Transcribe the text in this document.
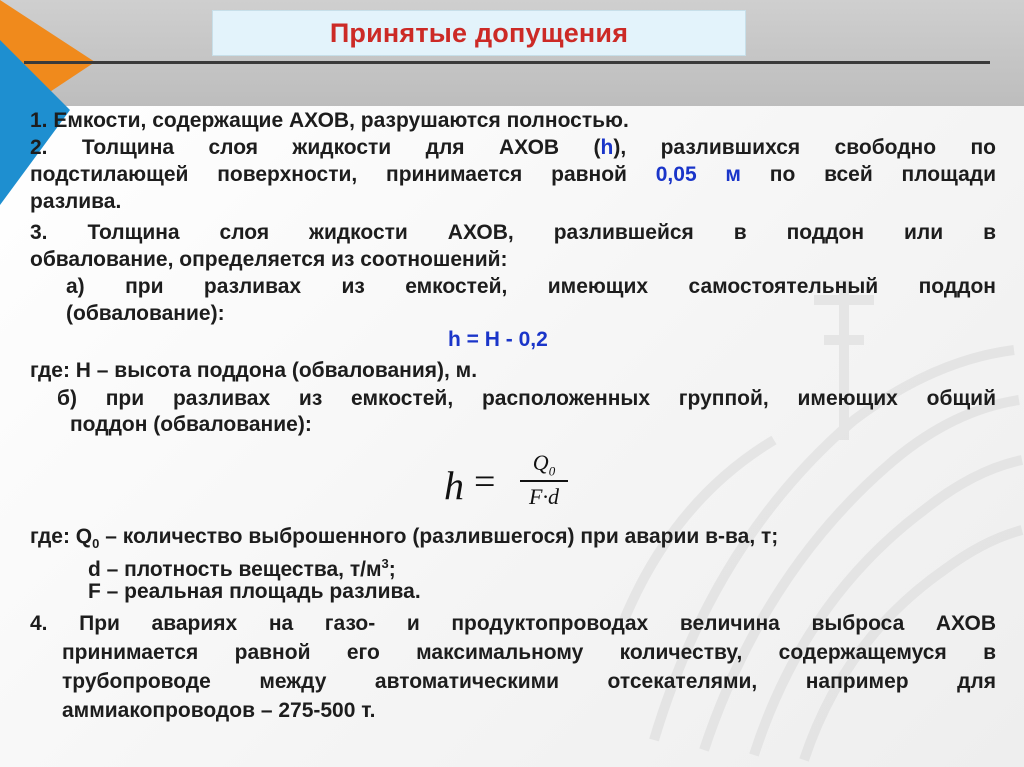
Принятые допущения
1. Емкости, содержащие АХОВ, разрушаются полностью.
2. Толщина слоя жидкости для АХОВ (h), разлившихся свободно по
подстилающей поверхности, принимается равной 0,05 м по всей площади
разлива.
3. Толщина слоя жидкости АХОВ, разлившейся в поддон или в
обвалование, определяется из соотношений:
а) при разливах из емкостей, имеющих самостоятельный поддон
(обвалование):
h = H - 0,2
где: H – высота поддона (обвалования), м.
б) при разливах из емкостей, расположенных группой, имеющих общий
поддон (обвалование):
h =	$Q_0$
F·d
где: $Q_0$ – количество выброшенного (разлившегося) при аварии в-ва, т;
d – плотность вещества, $т/м^3$;
F – реальная площадь разлива.
4. При авариях на газо- и продуктопроводах величина выброса АХОВ
принимается равной его максимальному количеству, содержащемуся в
трубопроводе между автоматическими отсекателями, например для
аммиакопроводов – 275-500 т.
